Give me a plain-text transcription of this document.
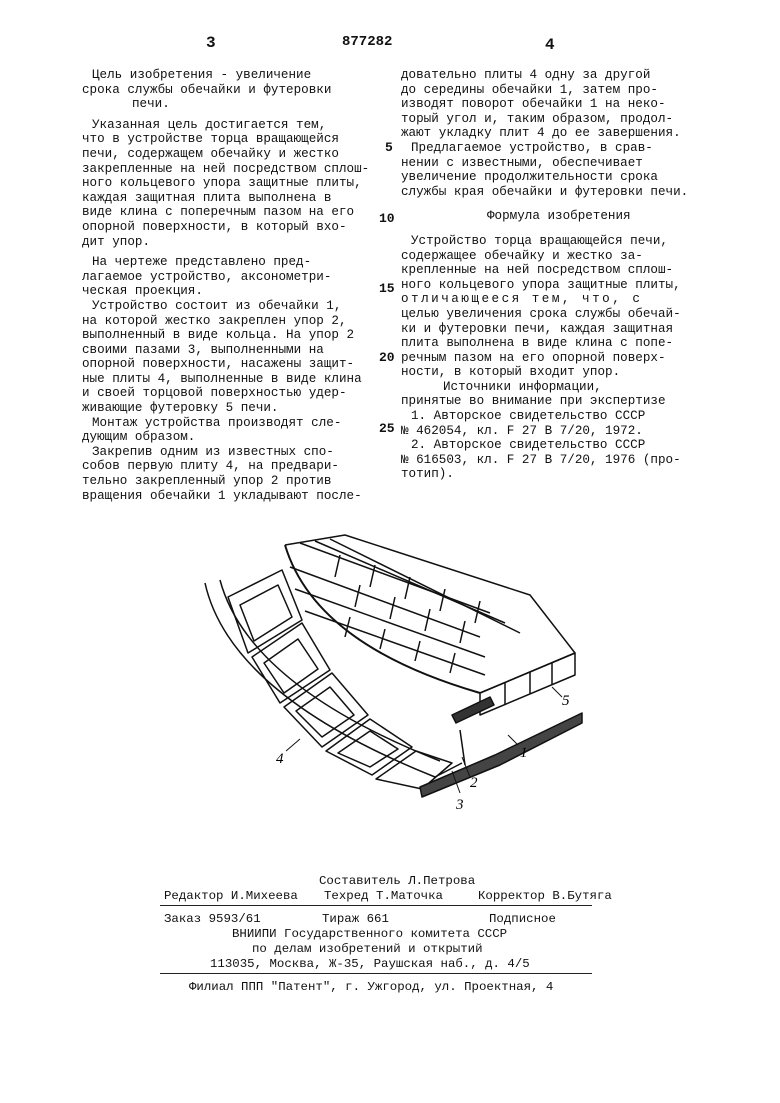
3	877282	4

Цель изобретения - увеличение

срока службы обечайки и футеровки

печи.

Указанная цель достигается тем,

что в устройстве торца вращающейся

печи, содержащем обечайку и жестко

закрепленные на ней посредством сплош-

ного кольцевого упора защитные плиты,

каждая защитная плита выполнена в

виде клина с поперечным пазом на его

опорной поверхности, в который вхо-

дит упор.

На чертеже представлено пред-

лагаемое устройство, аксонометри-

ческая проекция.

Устройство состоит из обечайки 1,

на которой жестко закреплен упор 2,

выполненный в виде кольца. На упор 2

своими пазами 3, выполненными на

опорной поверхности, насажены защит-

ные плиты 4, выполненные в виде клина

и своей торцовой поверхностью удер-

живающие футеровку 5 печи.

Монтаж устройства производят сле-

дующим образом.

Закрепив одним из известных спо-

собов первую плиту 4, на предвари-

тельно закрепленный упор 2 против

вращения обечайки 1 укладывают после-

5
10
15
20
25

довательно плиты 4 одну за другой

до середины обечайки 1, затем про-

изводят поворот обечайки 1 на неко-

торый угол и, таким образом, продол-

жают укладку плит 4 до ее завершения.

Предлагаемое устройство, в срав-

нении с известными, обеспечивает

увеличение продолжительности срока

службы края обечайки и футеровки печи.

Формула изобретения

Устройство торца вращающейся печи,

содержащее обечайку и жестко за-

крепленные на ней посредством сплош-

ного кольцевого упора защитные плиты,

отличающееся тем, что, с

целью увеличения срока службы обечай-

ки и футеровки печи, каждая защитная

плита выполнена в виде клина с попе-

речным пазом на его опорной поверх-

ности, в который входит упор.

Источники информации,

принятые во внимание при экспертизе

1. Авторское свидетельство СССР

№ 462054, кл. F 27 В 7/20, 1972.

2. Авторское свидетельство СССР

№ 616503, кл. F 27 В 7/20, 1976 (про-

тотип).

4
2
3
1
5
Составитель Л.Петрова
Редактор И.Михеева Техред Т.Маточка	Корректор В.Бутяга
Заказ 9593/61	Тираж 661	Подписное
ВНИИПИ Государственного комитета СССР
по делам изобретений и открытий
113035, Москва, Ж-35, Раушская наб., д. 4/5
Филиал ППП "Патент", г. Ужгород, ул. Проектная, 4
